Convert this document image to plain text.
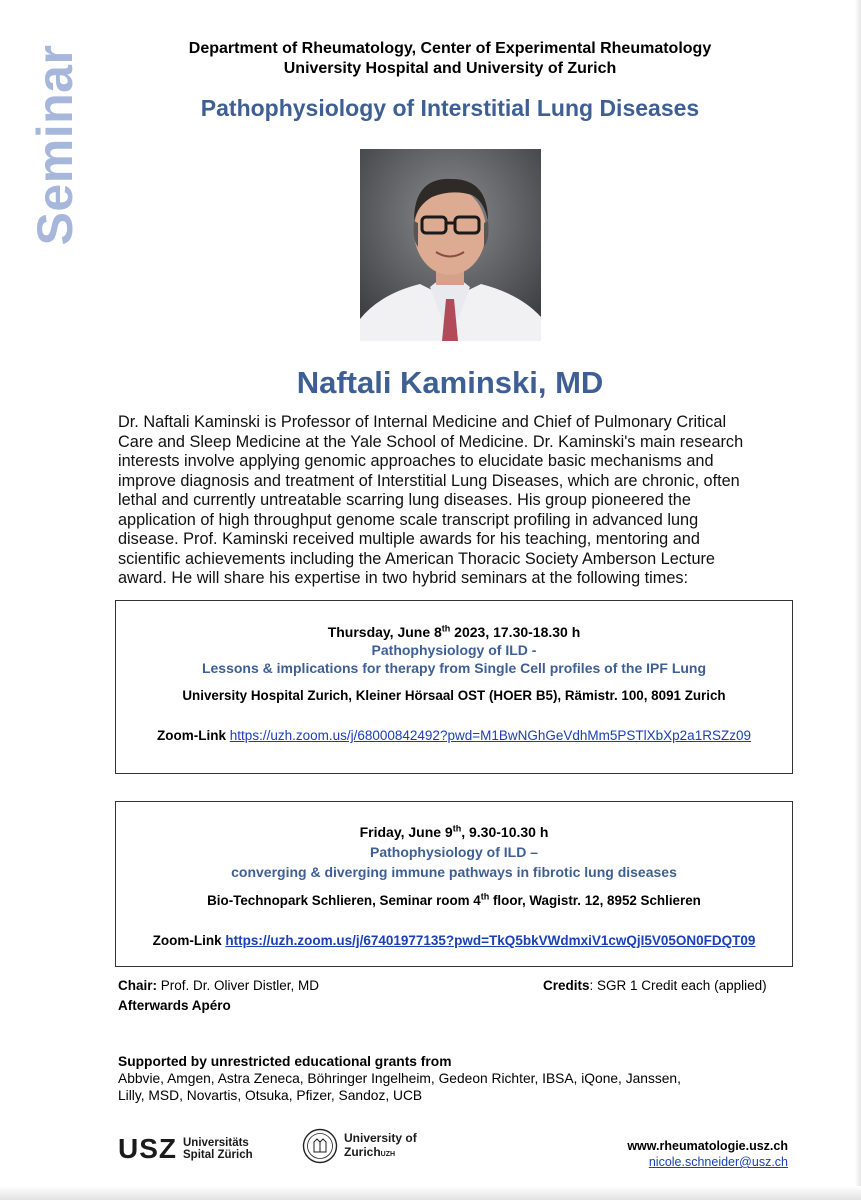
Seminar	Department of Rheumatology, Center of Experimental Rheumatology
University Hospital and University of Zurich
Pathophysiology of Interstitial Lung Diseases
Naftali Kaminski, MD
Dr. Naftali Kaminski is Professor of Internal Medicine and Chief of Pulmonary Critical
Care and Sleep Medicine at the Yale School of Medicine. Dr. Kaminski's main research
interests involve applying genomic approaches to elucidate basic mechanisms and
improve diagnosis and treatment of Interstitial Lung Diseases, which are chronic, often
lethal and currently untreatable scarring lung diseases. His group pioneered the
application of high throughput genome scale transcript profiling in advanced lung
disease. Prof. Kaminski received multiple awards for his teaching, mentoring and
scientific achievements including the American Thoracic Society Amberson Lecture
award. He will share his expertise in two hybrid seminars at the following times:
Thursday, June 8th 2023, 17.30-18.30 h
Pathophysiology of ILD -
Lessons & implications for therapy from Single Cell profiles of the IPF Lung
University Hospital Zurich, Kleiner Hörsaal OST (HOER B5), Rämistr. 100, 8091 Zurich
Zoom-Link https://uzh.zoom.us/j/68000842492?pwd=M1BwNGhGeVdhMm5PSTlXbXp2a1RSZz09
Friday, June 9th, 9.30-10.30 h
Pathophysiology of ILD –
converging & diverging immune pathways in fibrotic lung diseases
Bio-Technopark Schlieren, Seminar room 4th floor, Wagistr. 12, 8952 Schlieren
Zoom-Link https://uzh.zoom.us/j/67401977135?pwd=TkQ5bkVWdmxiV1cwQjI5V05ON0FDQT09
Chair: Prof. Dr. Oliver Distler, MD
Afterwards Apéro
Credits: SGR 1 Credit each (applied)
Supported by unrestricted educational grants from
Abbvie, Amgen, Astra Zeneca, Böhringer Ingelheim, Gedeon Richter, IBSA, iQone, Janssen,
Lilly, MSD, Novartis, Otsuka, Pfizer, Sandoz, UCB
USZ Universitäts
Spital Zürich
University of
ZurichUZH
www.rheumatologie.usz.ch
nicole.schneider@usz.ch
